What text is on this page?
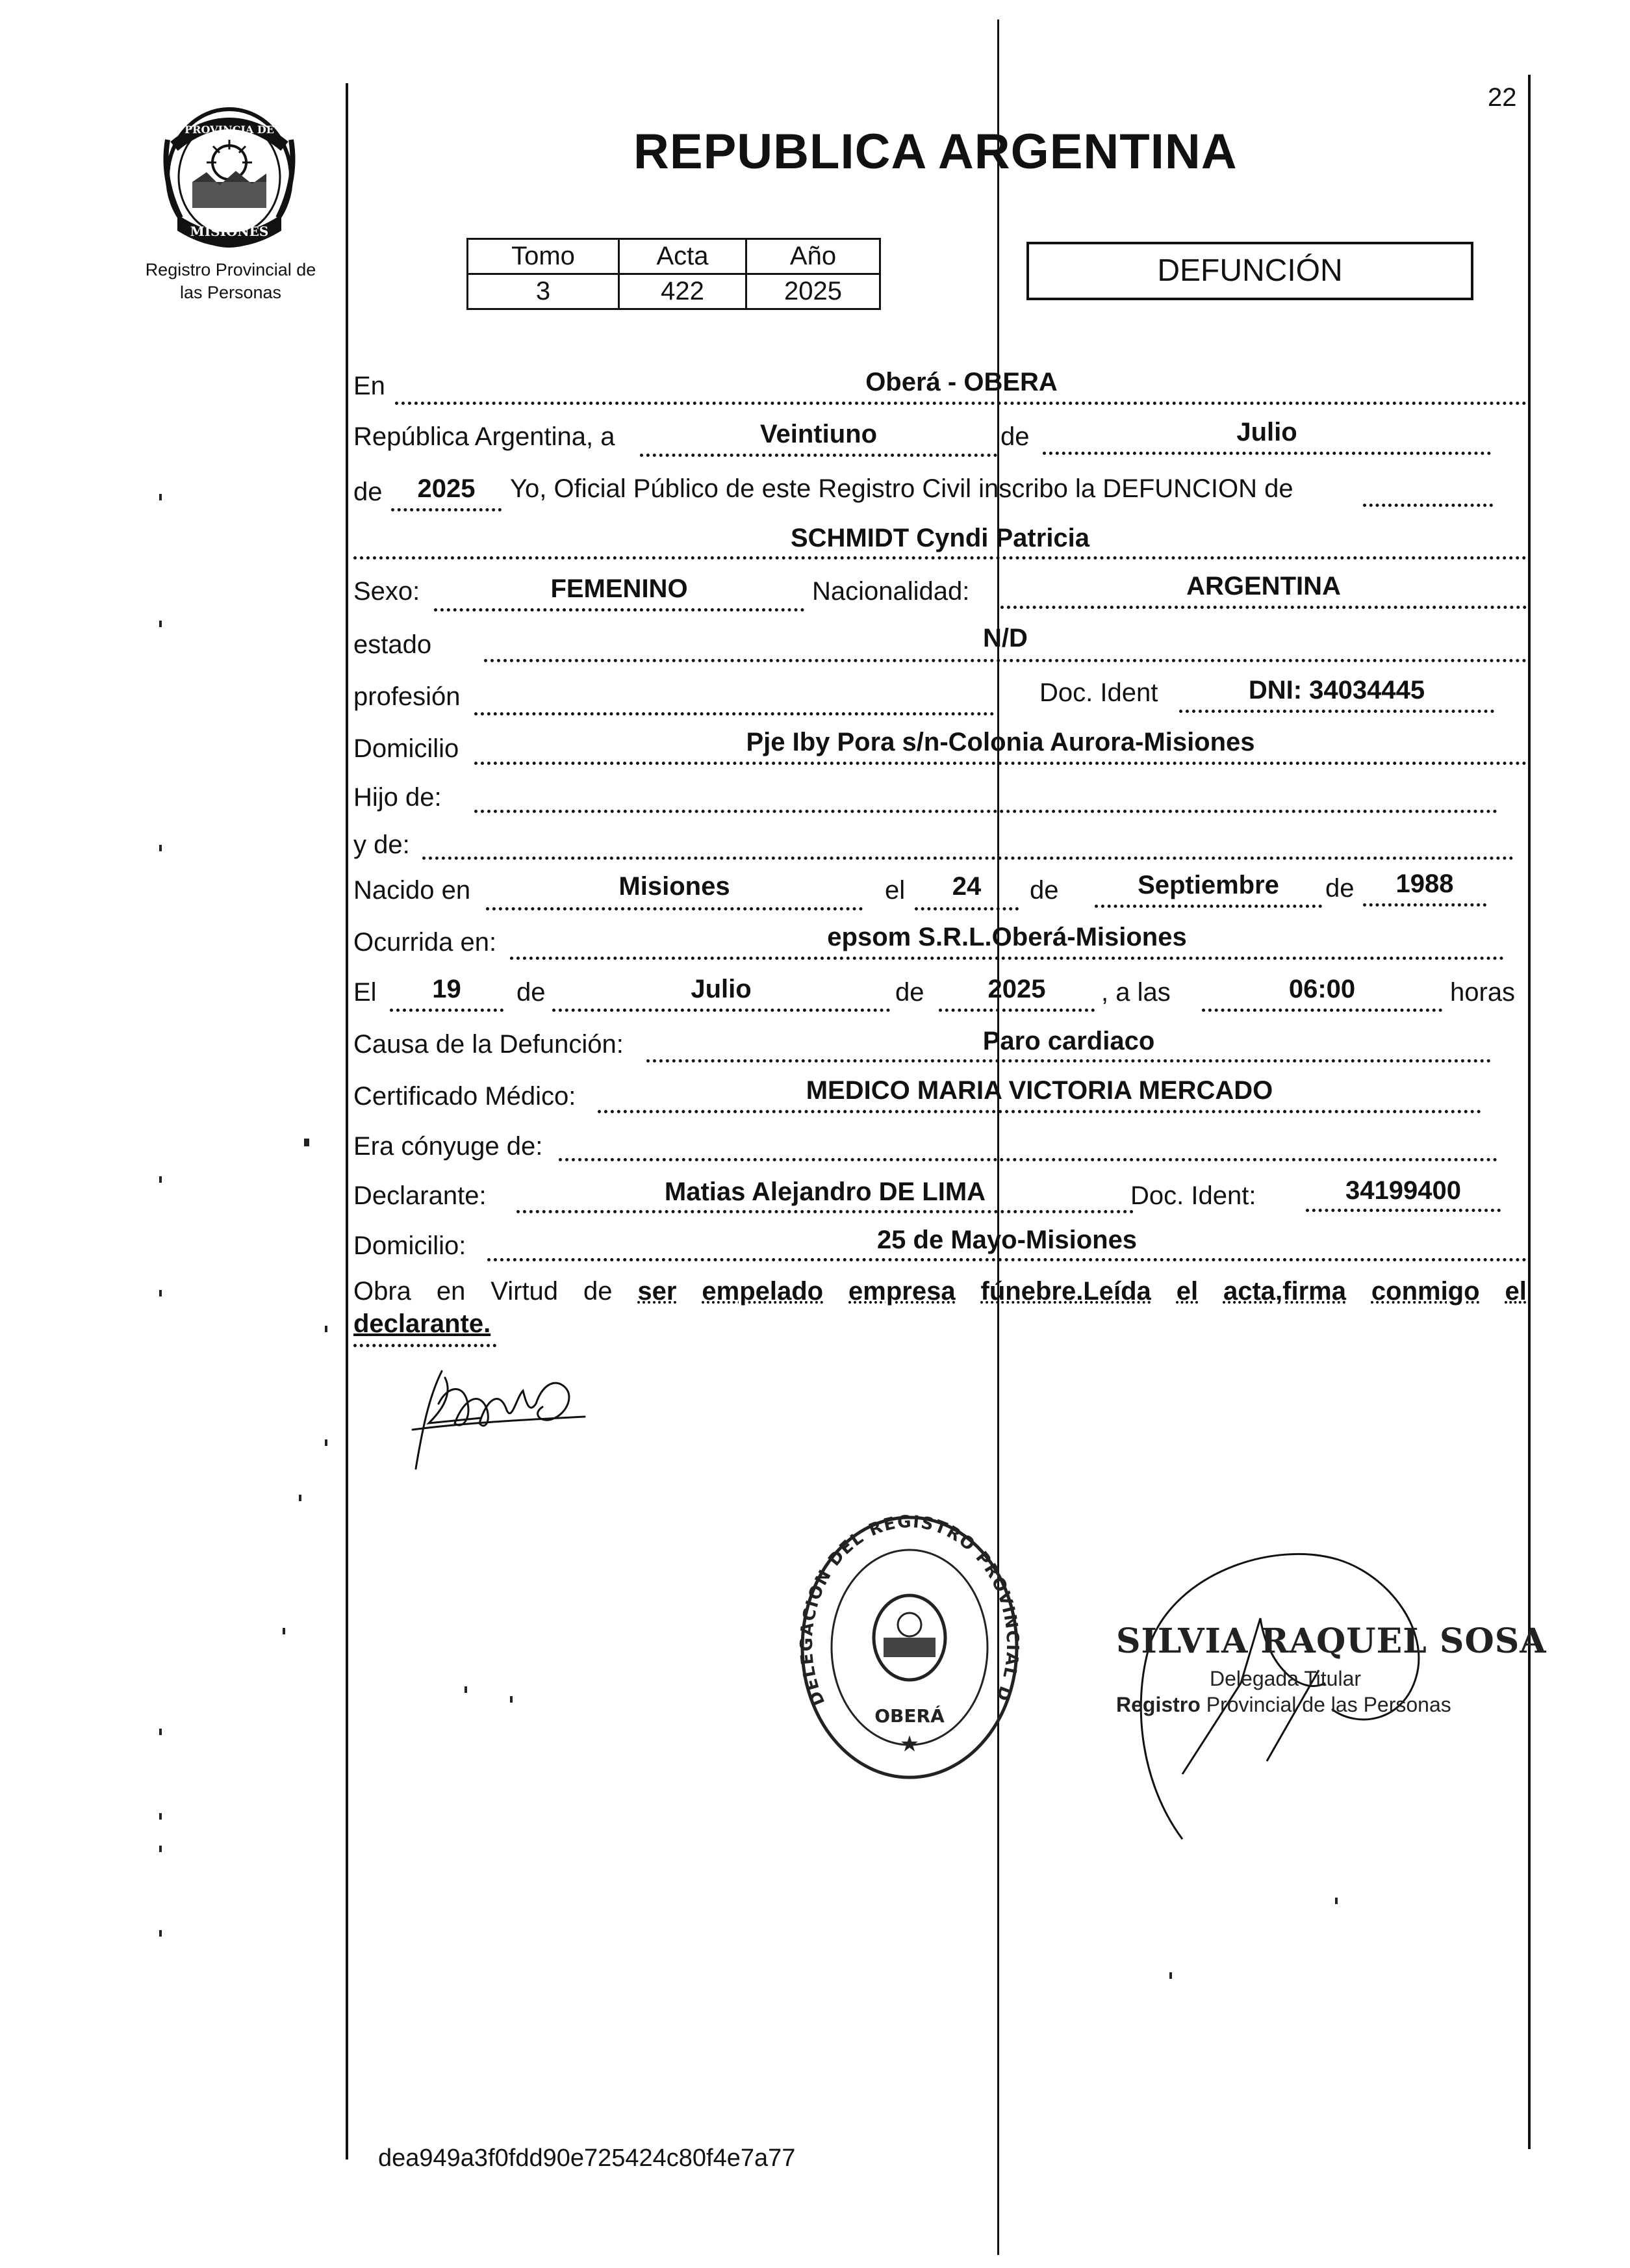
22
PROVINCIA DE
MISIONES
Registro Provincial de
las Personas
REPUBLICA ARGENTINA
Tomo	Acta	Año
3	422	2025
DEFUNCIÓN
En	Oberá - OBERA
República Argentina, a	Veintiuno	de	Julio
de	2025	Yo, Oficial Público de este Registro Civil inscribo la DEFUNCION de
SCHMIDT Cyndi Patricia
Sexo:	FEMENINO	Nacionalidad:	ARGENTINA
estado	N/D
profesión	Doc. Ident	DNI: 34034445
Domicilio	Pje Iby Pora s/n-Colonia Aurora-Misiones
Hijo de:
y de:
Nacido en	Misiones	el	24	de	Septiembre	de	1988
Ocurrida en:	epsom S.R.L.Oberá-Misiones
El	19	de	Julio	de	2025	, a las	06:00	horas
Causa de la Defunción:	Paro cardiaco
Certificado Médico:	MEDICO MARIA VICTORIA MERCADO
Era cónyuge de:
Declarante:	Matias Alejandro DE LIMA	Doc. Ident:	34199400
Domicilio:	25 de Mayo-Misiones
Obra en Virtud de ser empelado empresa fúnebre.Leída el acta,firma conmigo el
declarante.
DELEGACION DEL REGISTRO PROVINCIAL DE LAS PERSONAS
OBERÁ
★
SILVIA RAQUEL SOSA
Delegada Titular
Registro Provincial de las Personas
dea949a3f0fdd90e725424c80f4e7a77
